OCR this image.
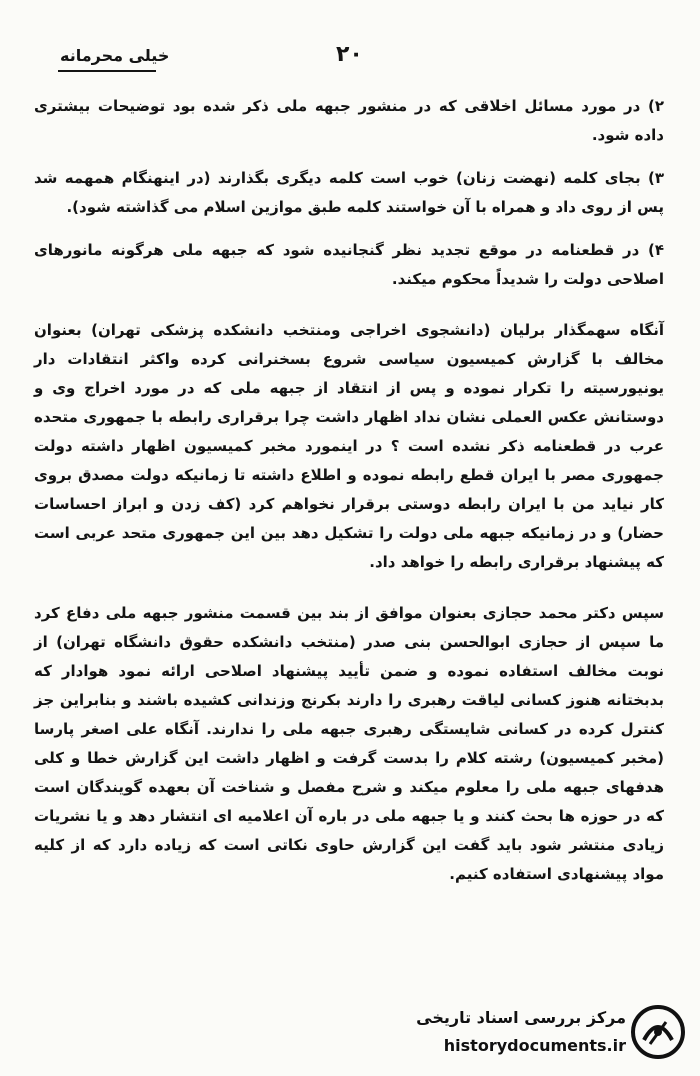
خیلی محرمانه	۲۰

۲) در مورد مسائل اخلاقی که در منشور جبهه ملی ذکر شده بود توضیحات بیشتری داده شود.

۳) بجای کلمه (نهضت زنان) خوب است کلمه دیگری بگذارند (در اینهنگام همهمه شد پس از روی داد و همراه با آن خواستند کلمه طبق موازین اسلام می گذاشته شود).

۴) در قطعنامه در موقع تجدید نظر گنجانیده شود که جبهه ملی هرگونه مانورهای اصلاحی دولت را شدیداً محکوم میکند.

آنگاه سهمگذار برلیان (دانشجوی اخراجی ومنتخب دانشکده پزشکی تهران) بعنوان مخالف با گزارش کمیسیون سیاسی شروع بسخنرانی کرده واکثر انتقادات دار یونیورسیته را تکرار نموده و پس از انتقاد از جبهه ملی که در مورد اخراج وی و دوستانش عکس العملی نشان نداد اظهار داشت چرا برقراری رابطه با جمهوری متحده عرب در قطعنامه ذکر نشده است ؟ در اینمورد مخبر کمیسیون اظهار داشته دولت جمهوری مصر با ایران قطع رابطه نموده و اطلاع داشته تا زمانیکه دولت مصدق بروی کار نیاید من با ایران رابطه دوستی برقرار نخواهم کرد (کف زدن و ابراز احساسات حضار) و در زمانیکه جبهه ملی دولت را تشکیل دهد بین این جمهوری متحد عربی است که پیشنهاد برقراری رابطه را خواهد داد.

سپس دکتر محمد حجازی بعنوان موافق از بند بین قسمت منشور جبهه ملی دفاع کرد ما سپس از حجازی ابوالحسن بنی صدر (منتخب دانشکده حقوق دانشگاه تهران) از نوبت مخالف استفاده نموده و ضمن تأیید پیشنهاد اصلاحی ارائه نمود هوادار که بدبختانه هنوز کسانی لیاقت رهبری را دارند بکرنج وزندانی کشیده باشند و بنابراین جز کنترل کرده در کسانی شایستگی رهبری جبهه ملی را ندارند. آنگاه علی اصغر پارسا (مخبر کمیسیون) رشته کلام را بدست گرفت و اظهار داشت این گزارش خطا و کلی هدفهای جبهه ملی را معلوم میکند و شرح مفصل و شناخت آن بعهده گویندگان است که در حوزه ها بحث کنند و یا جبهه ملی در باره آن اعلامیه ای انتشار دهد و یا نشریات زیادی منتشر شود باید گفت این گزارش حاوی نکاتی است که زیاده دارد که از کلیه مواد پیشنهادی استفاده کنیم.

مرکز بررسی اسناد تاریخی
historydocuments.ir
